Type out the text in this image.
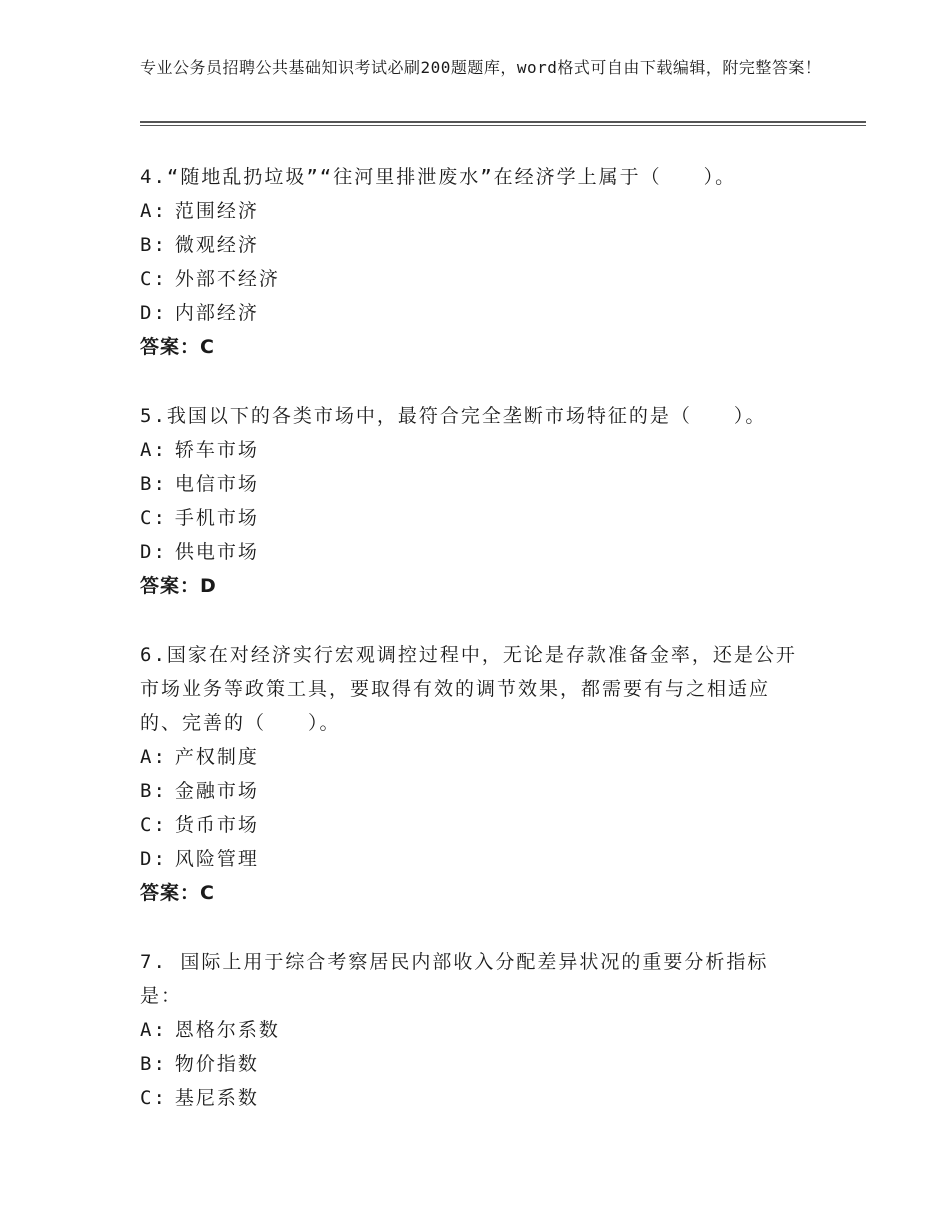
专业公务员招聘公共基础知识考试必刷200题题库，word格式可自由下载编辑，附完整答案！
4.“随地乱扔垃圾”“往河里排泄废水”在经济学上属于（　　）。
A: 范围经济
B: 微观经济
C: 外部不经济
D: 内部经济
答案：C
5.我国以下的各类市场中，最符合完全垄断市场特征的是（　　）。
A: 轿车市场
B: 电信市场
C: 手机市场
D: 供电市场
答案：D
6.国家在对经济实行宏观调控过程中，无论是存款准备金率，还是公开市场业务等政策工具，要取得有效的调节效果，都需要有与之相适应的、完善的（　　）。
A: 产权制度
B: 金融市场
C: 货币市场
D: 风险管理
答案：C
7. 国际上用于综合考察居民内部收入分配差异状况的重要分析指标是：
A: 恩格尔系数
B: 物价指数
C: 基尼系数
